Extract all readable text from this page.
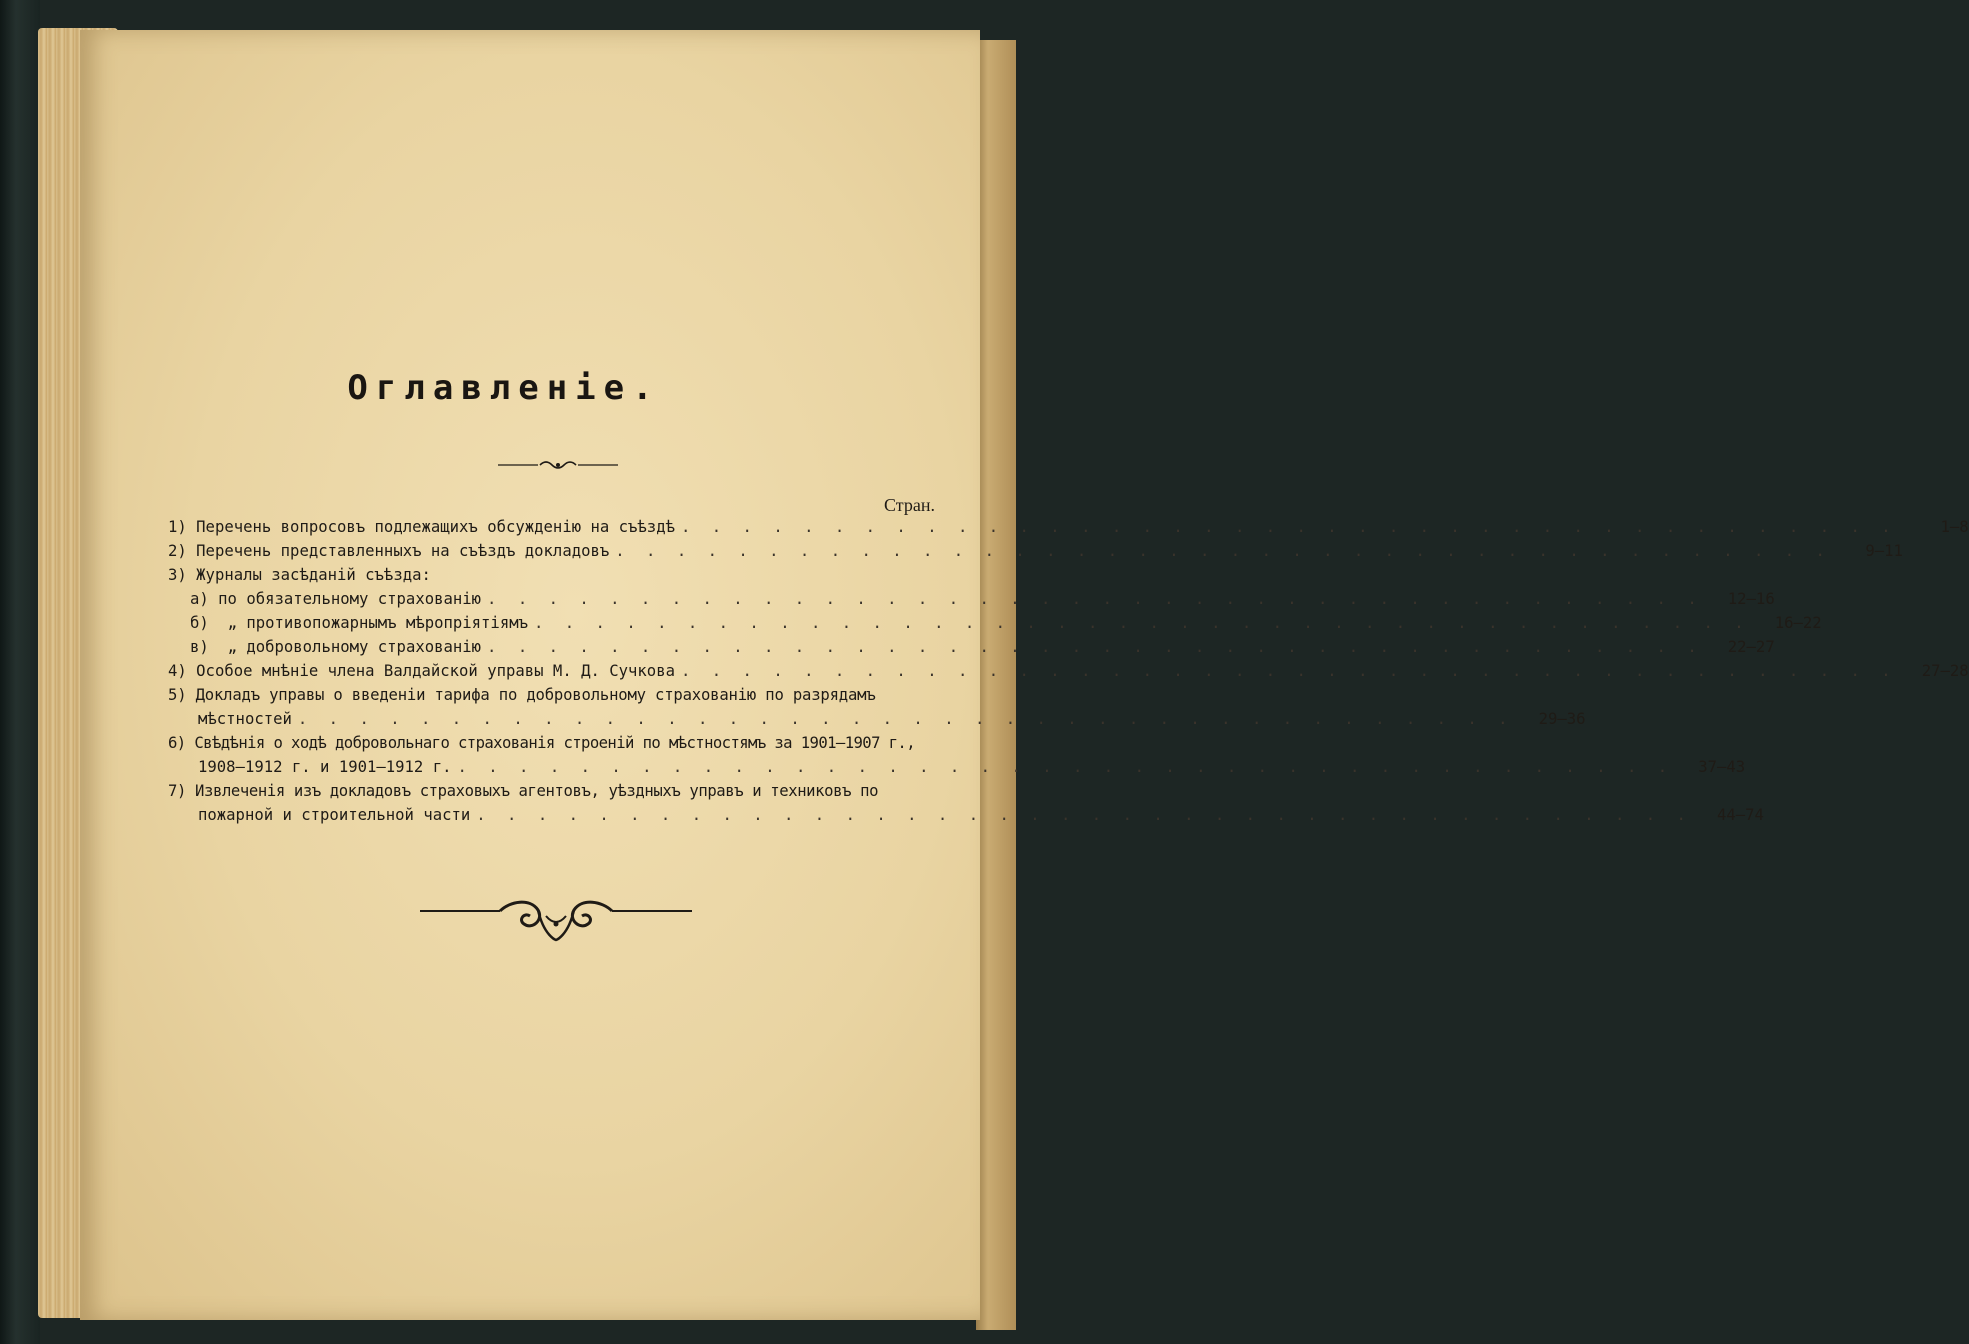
Оглавленіе.
Стран.
1) Перечень вопросовъ подлежащихъ обсужденію на съѣздѣ . . . . . . . . . . . . . . . . . . . . . . . . . . . . . . . . . . . . . . . .	1—8
2) Перечень представленныхъ на съѣздъ докладовъ . . . . . . . . . . . . . . . . . . . . . . . . . . . . . . . . . . . . . . . .	9—11
3) Журналы засѣданій съѣзда:
а) по обязательному страхованію . . . . . . . . . . . . . . . . . . . . . . . . . . . . . . . . . . . . . . . .	12—16
б) „ противопожарнымъ мѣропріятіямъ . . . . . . . . . . . . . . . . . . . . . . . . . . . . . . . . . . . . . . . .	16—22
в) „ добровольному страхованію . . . . . . . . . . . . . . . . . . . . . . . . . . . . . . . . . . . . . . . .	22—27
4) Особое мнѣніе члена Валдайской управы М. Д. Сучкова . . . . . . . . . . . . . . . . . . . . . . . . . . . . . . . . . . . . . . . .	27—28
5) Докладъ управы о введеніи тарифа по добровольному страхованію по разрядамъ
мѣстностей . . . . . . . . . . . . . . . . . . . . . . . . . . . . . . . . . . . . . . . .	29—36
6) Свѣдѣнія о ходѣ добровольнаго страхованія строеній по мѣстностямъ за 1901—1907 г.,
1908—1912 г. и 1901—1912 г. . . . . . . . . . . . . . . . . . . . . . . . . . . . . . . . . . . . . . . . .	37—43
7) Извлеченія изъ докладовъ страховыхъ агентовъ, уѣздныхъ управъ и техниковъ по
пожарной и строительной части . . . . . . . . . . . . . . . . . . . . . . . . . . . . . . . . . . . . . . . .	44—74
